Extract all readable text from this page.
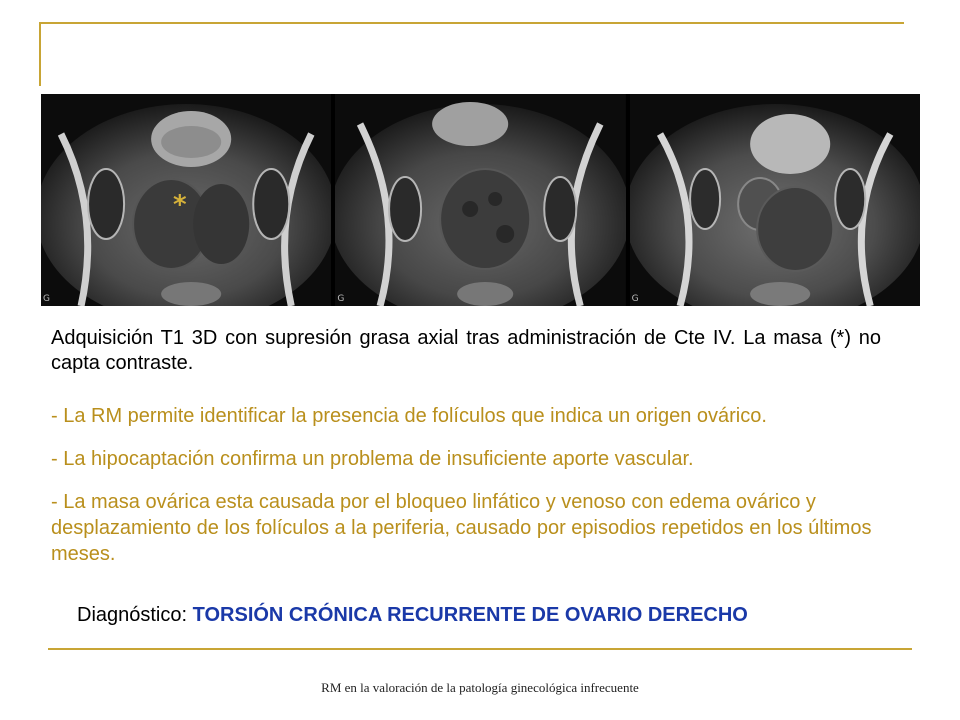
*
G	G	G

Adquisición T1 3D con supresión grasa axial tras administración de Cte IV. La masa (*) no capta contraste.

- La RM permite identificar la presencia de folículos que indica un origen ovárico.

- La hipocaptación confirma un problema de insuficiente aporte vascular.

- La masa ovárica esta causada por el bloqueo linfático y venoso con edema ovárico y desplazamiento de los folículos a la periferia, causado por episodios repetidos en los últimos meses.

Diagnóstico: TORSIÓN CRÓNICA RECURRENTE DE OVARIO DERECHO
RM en la valoración de la patología ginecológica infrecuente
